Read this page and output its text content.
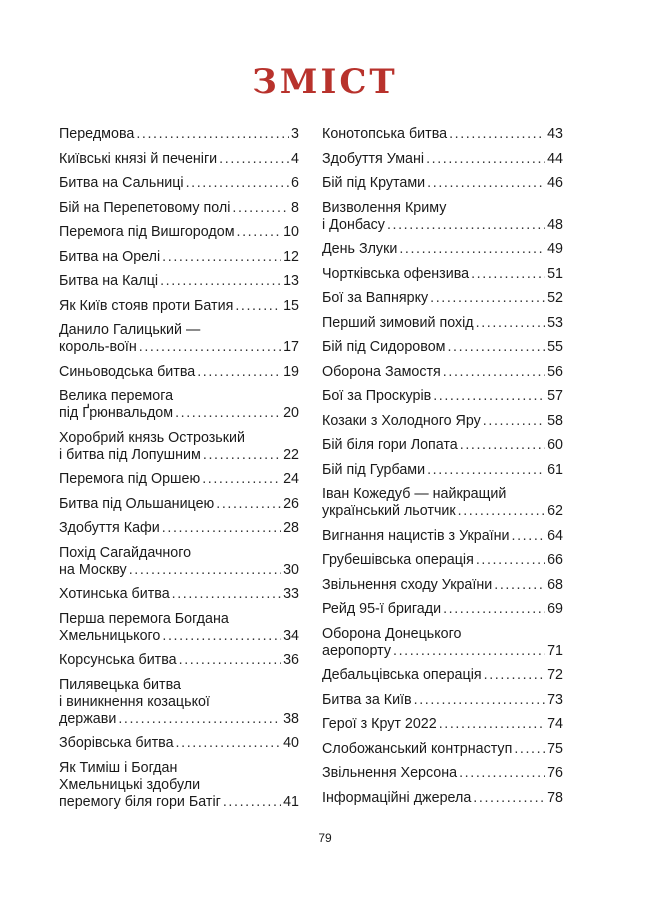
ЗМІСТ
Передмова .....	3
Київські князі й печеніги .....	4
Битва на Сальниці .....	6
Бій на Перепетовому полі .....	8
Перемога під Вишгородом .....	10
Битва на Орелі .....	12
Битва на Калці .....	13
Як Київ стояв проти Батия .....	15
Данило Галицький —
король-воїн .....	17
Синьоводська битва .....	19
Велика перемога
під Ґрюнвальдом .....	20
Хоробрий князь Острозький
і битва під Лопушним .....	22
Перемога під Оршею .....	24
Битва під Ольшаницею .....	26
Здобуття Кафи .....	28
Похід Сагайдачного
на Москву .....	30
Хотинська битва .....	33
Перша перемога Богдана
Хмельницького .....	34
Корсунська битва .....	36
Пилявецька битва
і виникнення козацької
держави .....	38
Зборівська битва .....	40
Як Тиміш і Богдан
Хмельницькі здобули
перемогу біля гори Батіг .....	41
Конотопська битва .....	43
Здобуття Умані .....	44
Бій під Крутами .....	46
Визволення Криму
і Донбасу .....	48
День Злуки .....	49
Чортківська офензива .....	51
Бої за Вапнярку .....	52
Перший зимовий похід .....	53
Бій під Сидоровом .....	55
Оборона Замостя .....	56
Бої за Проскурів .....	57
Козаки з Холодного Яру .....	58
Бій біля гори Лопата .....	60
Бій під Гурбами .....	61
Іван Кожедуб — найкращий
український льотчик .....	62
Вигнання нацистів з України .....	64
Грубешівська операція .....	66
Звільнення сходу України .....	68
Рейд 95-ї бригади .....	69
Оборона Донецького
аеропорту .....	71
Дебальцівська операція .....	72
Битва за Київ .....	73
Герої з Крут 2022 .....	74
Слобожанський контрнаступ ..... 75
Звільнення Херсона .....	76
Інформаційні джерела .....	78
79
